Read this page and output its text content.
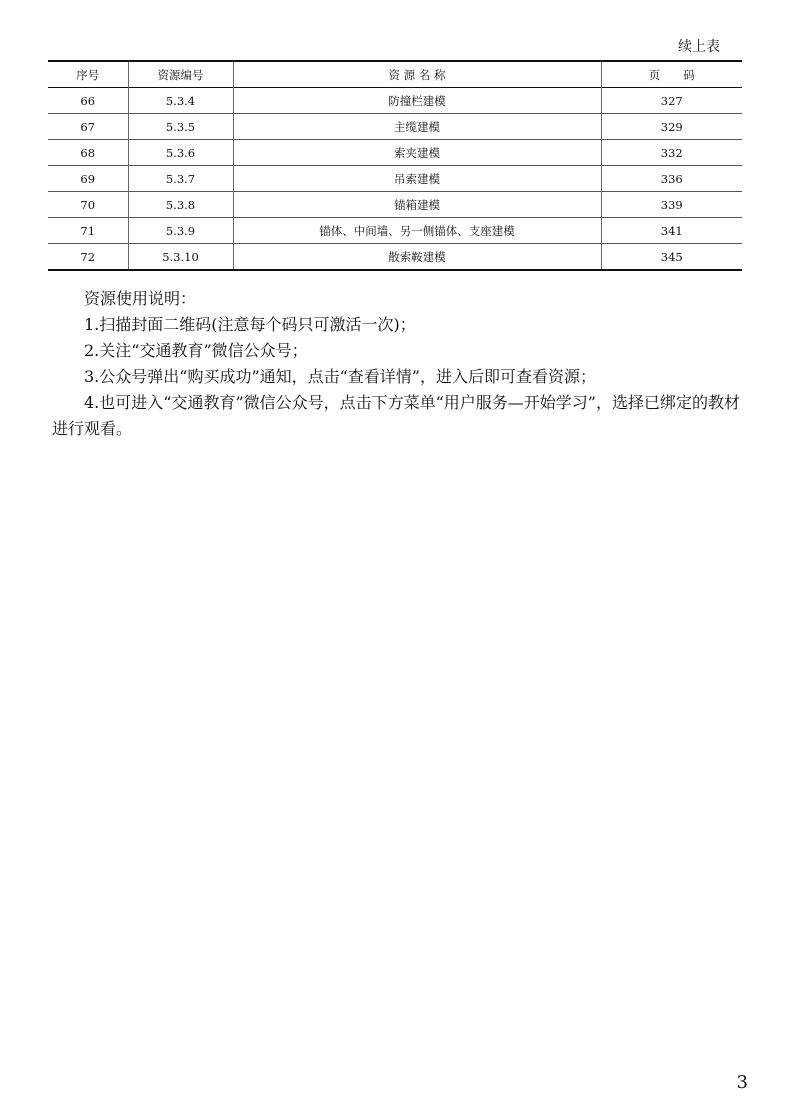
续上表
序号	资源编号	资 源 名 称	页　　码
66	5.3.4	防撞栏建模	327
67	5.3.5	主缆建模	329
68	5.3.6	索夹建模	332
69	5.3.7	吊索建模	336
70	5.3.8	锚箱建模	339
71	5.3.9	锚体、中间墙、另一侧锚体、支座建模	341
72	5.3.10	散索鞍建模	345

资源使用说明：

1.扫描封面二维码(注意每个码只可激活一次)；

2.关注“交通教育”微信公众号；

3.公众号弹出“购买成功”通知，点击“查看详情”，进入后即可查看资源；

4.也可进入“交通教育”微信公众号，点击下方菜单“用户服务—开始学习”，选择已绑定的教材进行观看。

3
